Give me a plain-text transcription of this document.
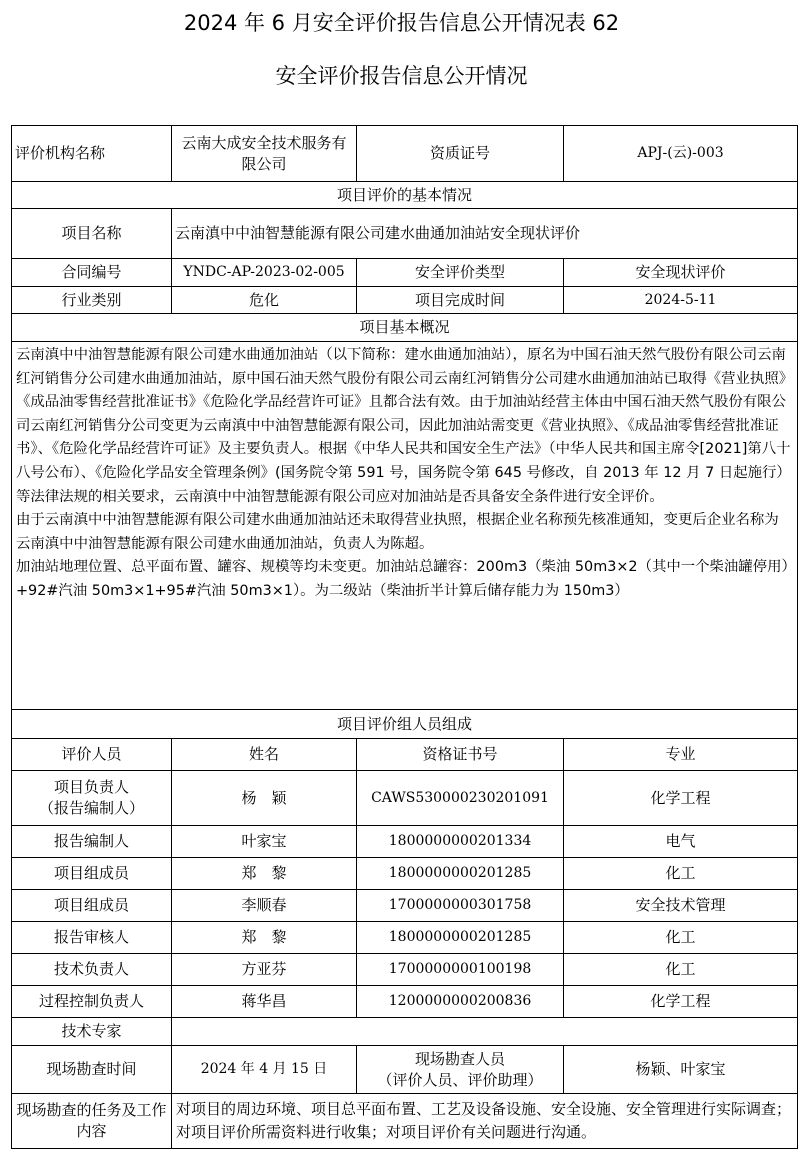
2024 年 6 月安全评价报告信息公开情况表 62
安全评价报告信息公开情况
评价机构名称	云南大成安全技术服务有限公司	资质证号	APJ-(云)-003
项目评价的基本情况			
项目名称	云南滇中中油智慧能源有限公司建水曲通加油站安全现状评价		
合同编号	YNDC-AP-2023-02-005	安全评价类型	安全现状评价
行业类别	危化	项目完成时间	2024-5-11
项目基本概况			

云南滇中中油智慧能源有限公司建水曲通加油站（以下简称：建水曲通加油站），原名为中国石油天然气股份有限公司云南红河销售分公司建水曲通加油站，原中国石油天然气股份有限公司云南红河销售分公司建水曲通加油站已取得《营业执照》《成品油零售经营批准证书》《危险化学品经营许可证》且都合法有效。由于加油站经营主体由中国石油天然气股份有限公司云南红河销售分公司变更为云南滇中中油智慧能源有限公司，因此加油站需变更《营业执照》、《成品油零售经营批准证书》、《危险化学品经营许可证》及主要负责人。根据《中华人民共和国安全生产法》（中华人民共和国主席令[2021]第八十八号公布）、《危险化学品安全管理条例》(国务院令第 591 号，国务院令第 645 号修改，自 2013 年 12 月 7 日起施行）等法律法规的相关要求，云南滇中中油智慧能源有限公司应对加油站是否具备安全条件进行安全评价。

由于云南滇中中油智慧能源有限公司建水曲通加油站还未取得营业执照，根据企业名称预先核准通知，变更后企业名称为云南滇中中油智慧能源有限公司建水曲通加油站，负责人为陈超。

加油站地理位置、总平面布置、罐容、规模等均未变更。加油站总罐容：200m3（柴油 50m3×2（其中一个柴油罐停用）+92#汽油 50m3×1+95#汽油 50m3×1）。为二级站（柴油折半计算后储存能力为 150m3）			

项目评价组人员组成			
评价人员	姓名	资格证书号	专业
项目负责人
（报告编制人）	杨　颖	CAWS530000230201091	化学工程
报告编制人	叶家宝	1800000000201334	电气
项目组成员	郑　黎	1800000000201285	化工
项目组成员	李顺春	1700000000301758	安全技术管理
报告审核人	郑　黎	1800000000201285	化工
技术负责人	方亚芬	1700000000100198	化工
过程控制负责人	蒋华昌	1200000000200836	化学工程
技术专家			
现场勘查时间	2024 年 4 月 15 日	现场勘查人员
（评价人员、评价助理）	杨颖、叶家宝
现场勘查的任务及工作内容	对项目的周边环境、项目总平面布置、工艺及设备设施、安全设施、安全管理进行实际调查；对项目评价所需资料进行收集；对项目评价有关问题进行沟通。		
